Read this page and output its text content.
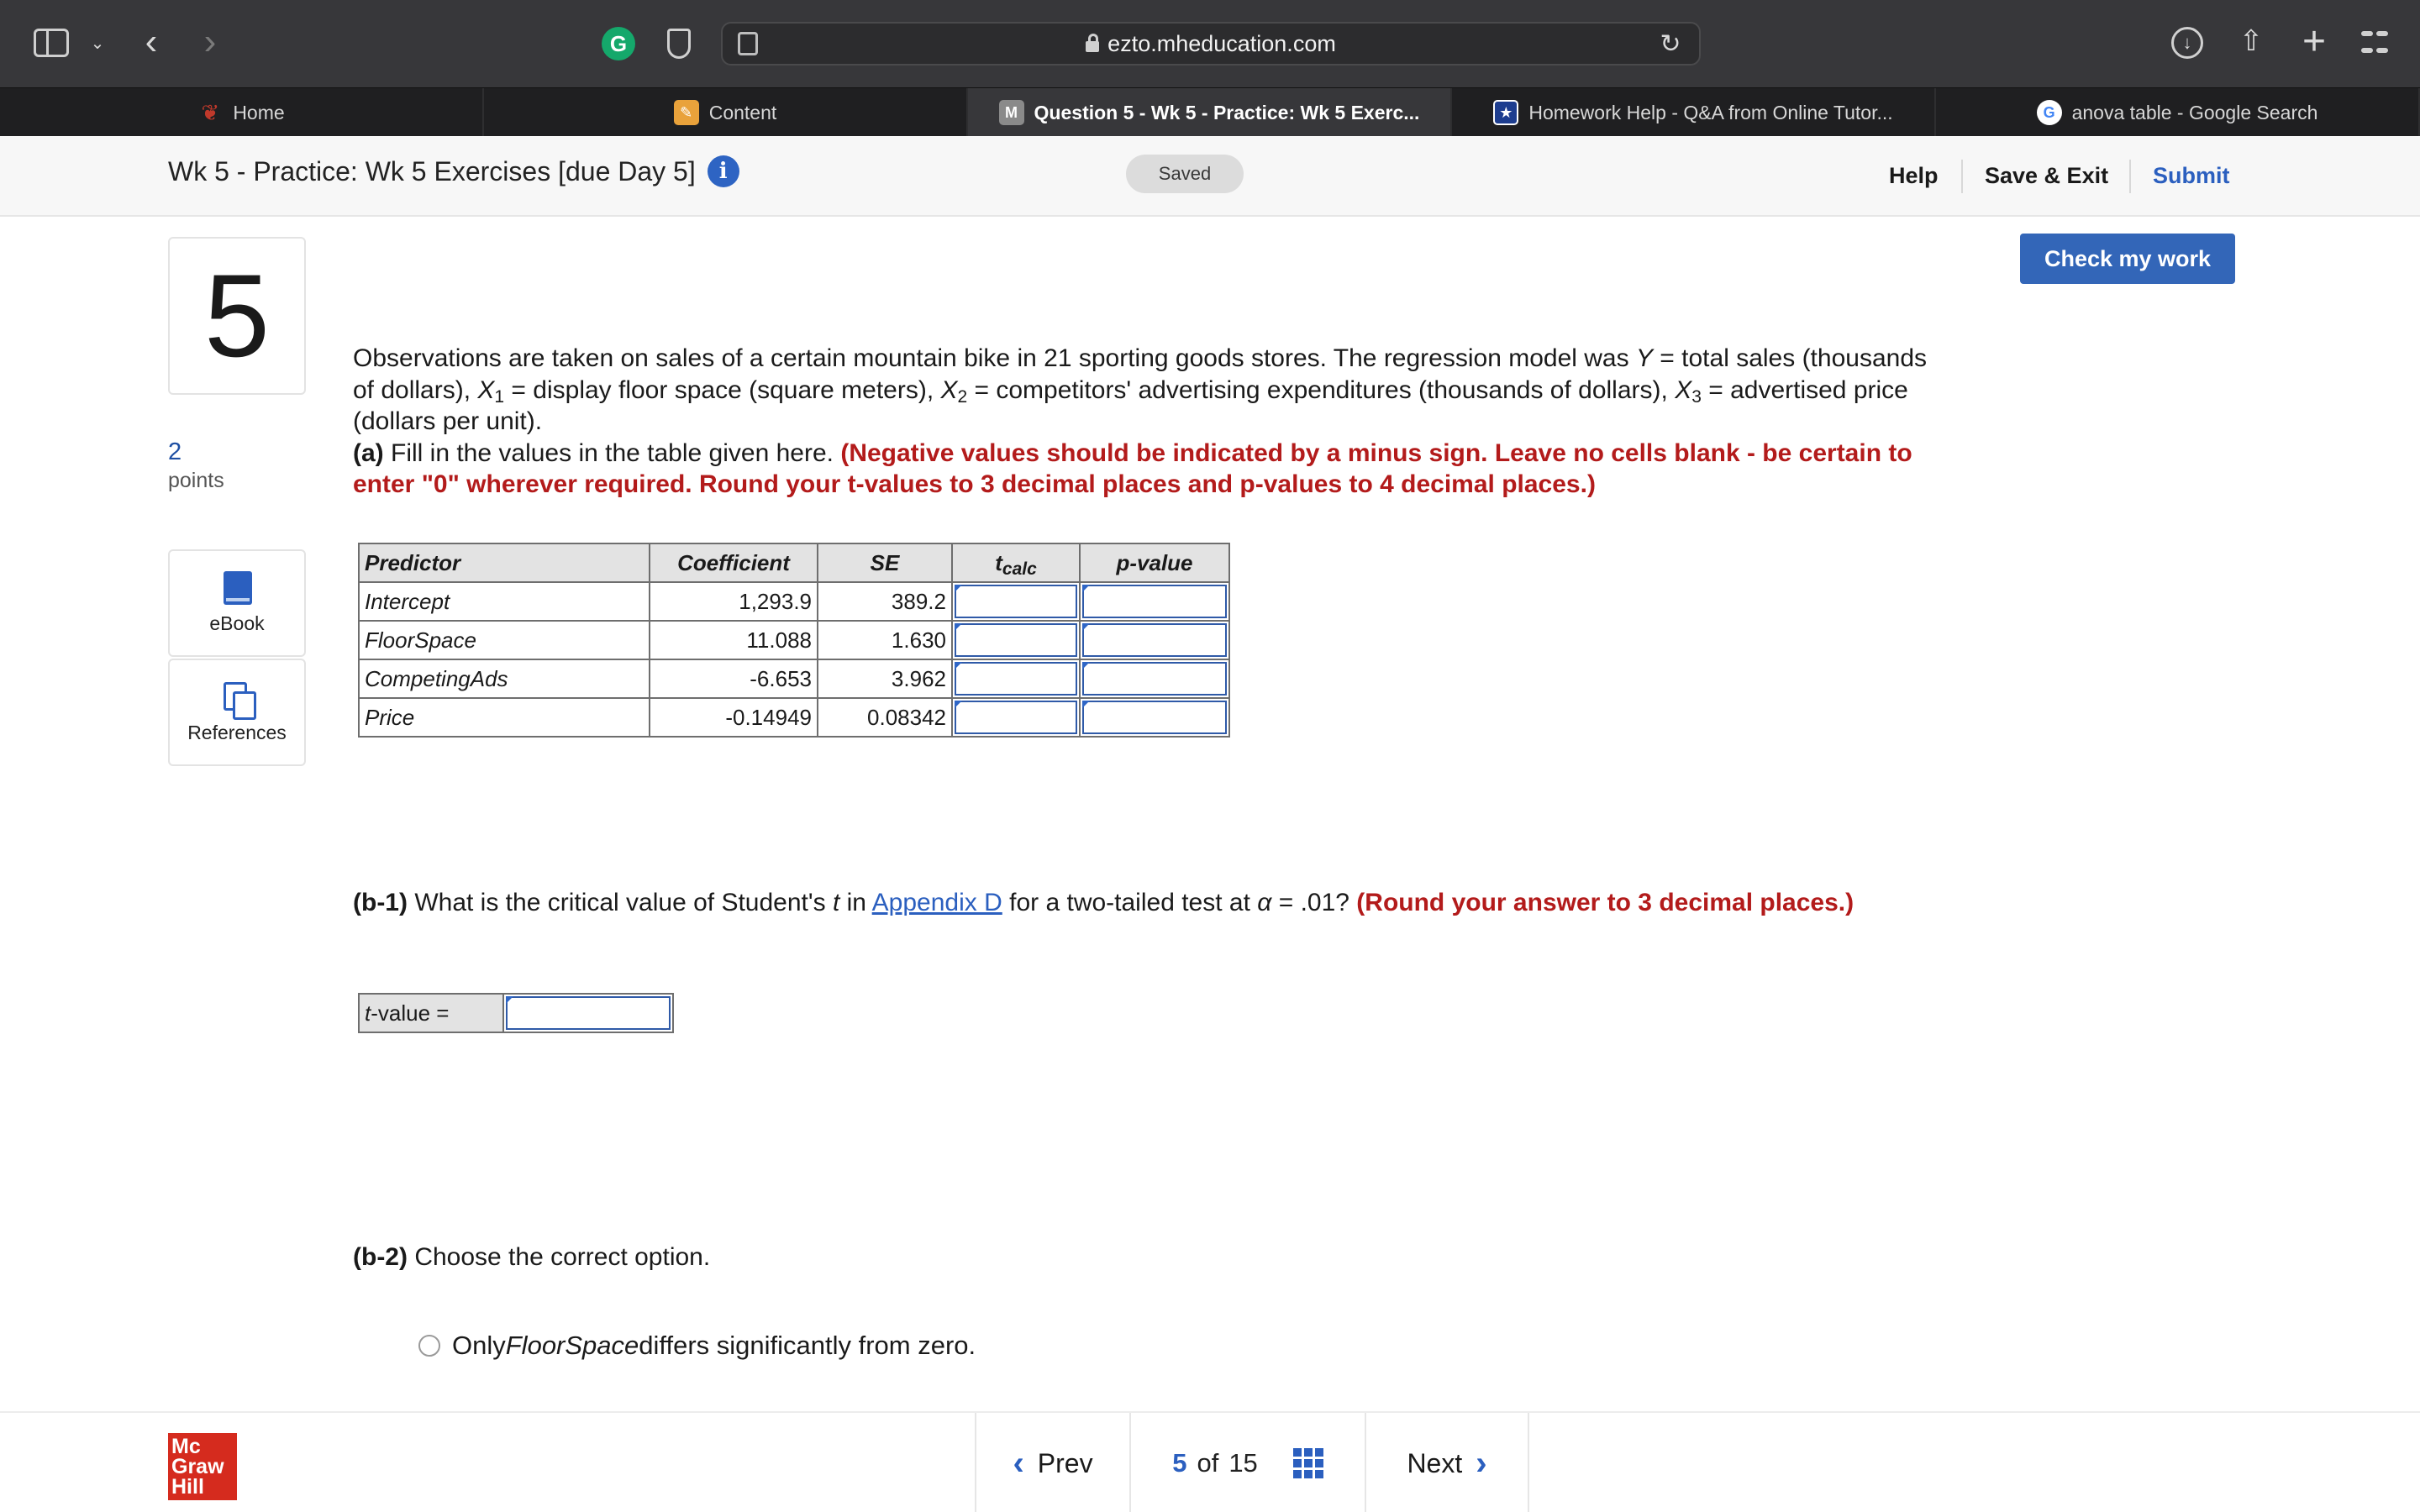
⌄ ‹ ›	G	ezto.mheducation.com	↻	↓	⇧ +
❦ Home	✎ Content	M Question 5 - Wk 5 - Practice: Wk 5 Exerc...	★ Homework Help - Q&A from Online Tutor...	G anova table - Google Search
Wk 5 - Practice: Wk 5 Exercises [due Day 5] i	Saved	Help Save & Exit Submit
5
2
points
eBook
References
Check my work
Observations are taken on sales of a certain mountain bike in 21 sporting goods stores. The regression model was Y = total sales (thousands of dollars), $X_1$ = display floor space (square meters), $X_2$ = competitors' advertising expenditures (thousands of dollars), $X_3$ = advertised price (dollars per unit).
(a) Fill in the values in the table given here. (Negative values should be indicated by a minus sign. Leave no cells blank - be certain to enter "0" wherever required. Round your t-values to 3 decimal places and p-values to 4 decimal places.)
Predictor	Coefficient	SE	$t_{calc}$	p-value
Intercept	1,293.9	389.2	

FloorSpace	11.088	1.630	

CompetingAds	-6.653	3.962	

Price	-0.14949	0.08342	

(b-1) What is the critical value of Student's t in Appendix D for a two-tailed test at α = .01? (Round your answer to 3 decimal places.)
t-value =
(b-2) Choose the correct option.
Only FloorSpace differs significantly from zero.
Mc
Graw
Hill
‹ Prev	5 of 15	Next ›
